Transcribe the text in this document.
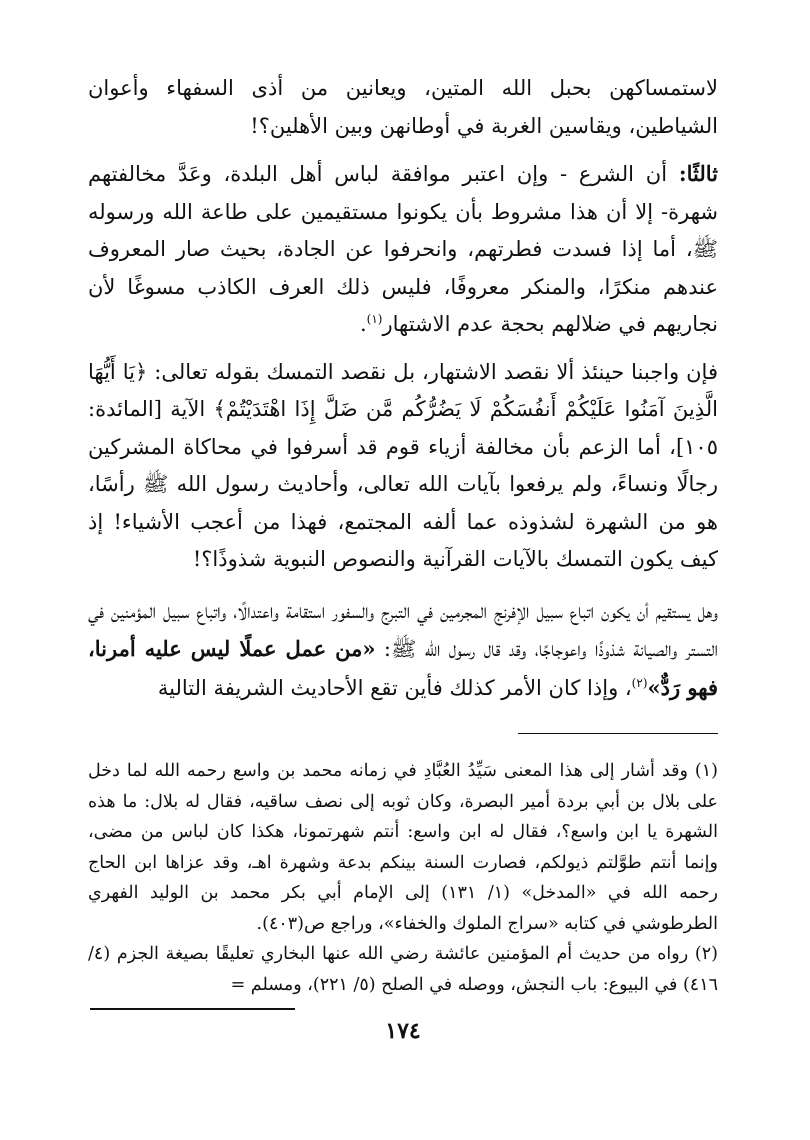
لاستمساكهن بحبل الله المتين، ويعانين من أذى السفهاء وأعوان الشياطين، ويقاسين الغربة في أوطانهن وبين الأهلين؟!

ثالثًا: أن الشرع - وإن اعتبر موافقة لباس أهل البلدة، وعَدَّ مخالفتهم شهرة- إلا أن هذا مشروط بأن يكونوا مستقيمين على طاعة الله ورسوله ﷺ، أما إذا فسدت فطرتهم، وانحرفوا عن الجادة، بحيث صار المعروف عندهم منكرًا، والمنكر معروفًا، فليس ذلك العرف الكاذب مسوغًا لأن نجاريهم في ضلالهم بحجة عدم الاشتهار$^{(١)}$.

فإن واجبنا حينئذ ألا نقصد الاشتهار، بل نقصد التمسك بقوله تعالى: ﴿يَا أَيُّهَا الَّذِينَ آمَنُوا عَلَيْكُمْ أَنفُسَكُمْ لَا يَضُرُّكُم مَّن ضَلَّ إِذَا اهْتَدَيْتُمْ﴾ الآية [المائدة: ١٠٥]، أما الزعم بأن مخالفة أزياء قوم قد أسرفوا في محاكاة المشركين رجالًا ونساءً، ولم يرفعوا بآيات الله تعالى، وأحاديث رسول الله ﷺ رأسًا، هو من الشهرة لشذوذه عما ألفه المجتمع، فهذا من أعجب الأشياء! إذ كيف يكون التمسك بالآيات القرآنية والنصوص النبوية شذوذًا؟!

وهل يستقيم أن يكون اتباع سبيل الإفرنج المجرمين في التبرج والسفور استقامة واعتدالًا، واتباع سبيل المؤمنين في التستر والصيانة شذوذًا واعوجاجًا، وقد قال رسول الله ﷺ: «من عمل عملًا ليس عليه أمرنا، فهو رَدٌّ»$^{(٢)}$، وإذا كان الأمر كذلك فأين تقع الأحاديث الشريفة التالية

(١) وقد أشار إلى هذا المعنى سَيِّدُ العُبَّادِ في زمانه محمد بن واسع رحمه الله لما دخل على بلال بن أبي بردة أمير البصرة، وكان ثوبه إلى نصف ساقيه، فقال له بلال: ما هذه الشهرة يا ابن واسع؟، فقال له ابن واسع: أنتم شهرتمونا، هكذا كان لباس من مضى، وإنما أنتم طوَّلتم ذيولكم، فصارت السنة بينكم بدعة وشهرة اهـ، وقد عزاها ابن الحاج رحمه الله في «المدخل» (١/ ١٣١) إلى الإمام أبي بكر محمد بن الوليد الفهري الطرطوشي في كتابه «سراج الملوك والخفاء»، وراجع ص(٤٠٣).

(٢) رواه من حديث أم المؤمنين عائشة رضي الله عنها البخاري تعليقًا بصيغة الجزم (٤/ ٤١٦) في البيوع: باب النجش، ووصله في الصلح (٥/ ٢٢١)، ومسلم =

١٧٤
